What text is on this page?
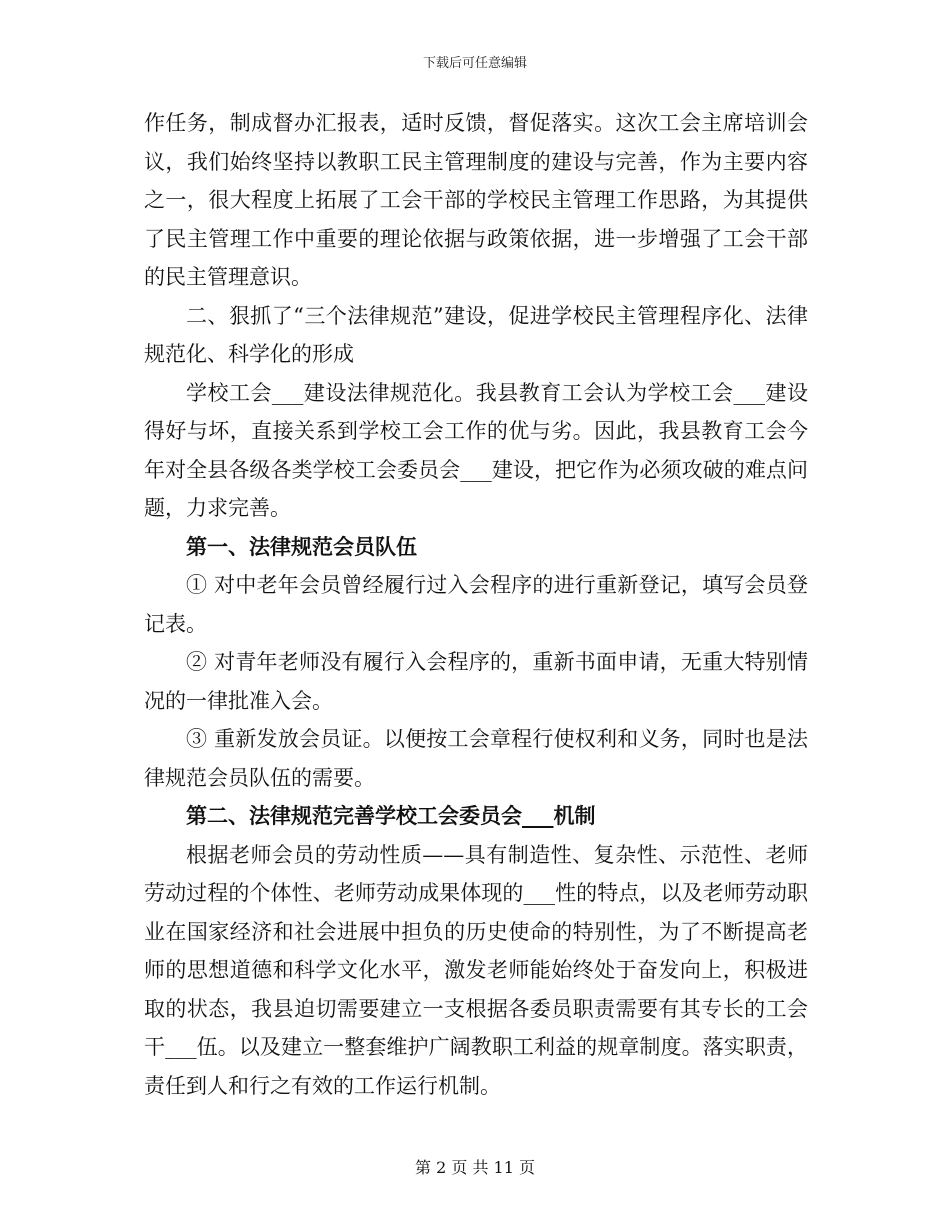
下载后可任意编辑

作任务，制成督办汇报表，适时反馈，督促落实。这次工会主席培训会议，我们始终坚持以教职工民主管理制度的建设与完善，作为主要内容之一，很大程度上拓展了工会干部的学校民主管理工作思路，为其提供了民主管理工作中重要的理论依据与政策依据，进一步增强了工会干部的民主管理意识。

二、狠抓了“三个法律规范”建设，促进学校民主管理程序化、法律规范化、科学化的形成

学校工会___建设法律规范化。我县教育工会认为学校工会___建设得好与坏，直接关系到学校工会工作的优与劣。因此，我县教育工会今年对全县各级各类学校工会委员会___建设，把它作为必须攻破的难点问题，力求完善。

第一、法律规范会员队伍

① 对中老年会员曾经履行过入会程序的进行重新登记，填写会员登记表。

② 对青年老师没有履行入会程序的，重新书面申请，无重大特别情况的一律批准入会。

③ 重新发放会员证。以便按工会章程行使权利和义务，同时也是法律规范会员队伍的需要。

第二、法律规范完善学校工会委员会___机制

根据老师会员的劳动性质——具有制造性、复杂性、示范性、老师劳动过程的个体性、老师劳动成果体现的___性的特点，以及老师劳动职业在国家经济和社会进展中担负的历史使命的特别性，为了不断提高老师的思想道德和科学文化水平，激发老师能始终处于奋发向上，积极进取的状态，我县迫切需要建立一支根据各委员职责需要有其专长的工会干___伍。以及建立一整套维护广阔教职工利益的规章制度。落实职责，责任到人和行之有效的工作运行机制。

第 2 页 共 11 页
